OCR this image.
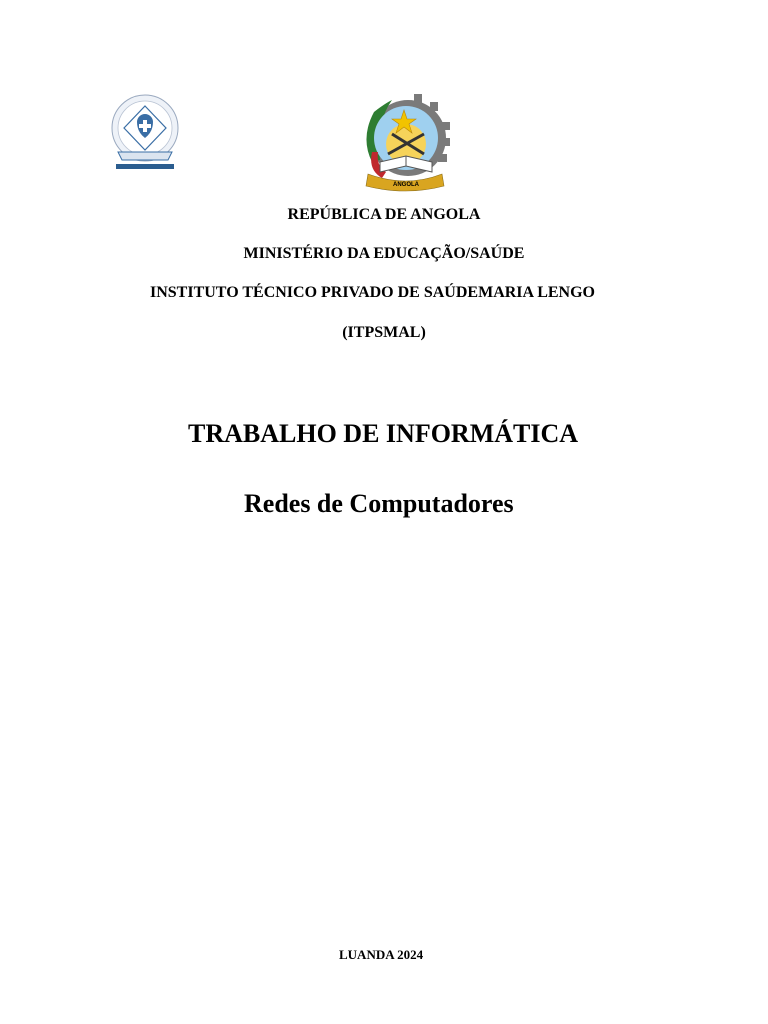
ANGOLA
REPÚBLICA DE ANGOLA
MINISTÉRIO DA EDUCAÇÃO/SAÚDE
INSTITUTO TÉCNICO PRIVADO DE SAÚDEMARIA LENGO
(ITPSMAL)
TRABALHO DE INFORMÁTICA
Redes de Computadores
LUANDA 2024
